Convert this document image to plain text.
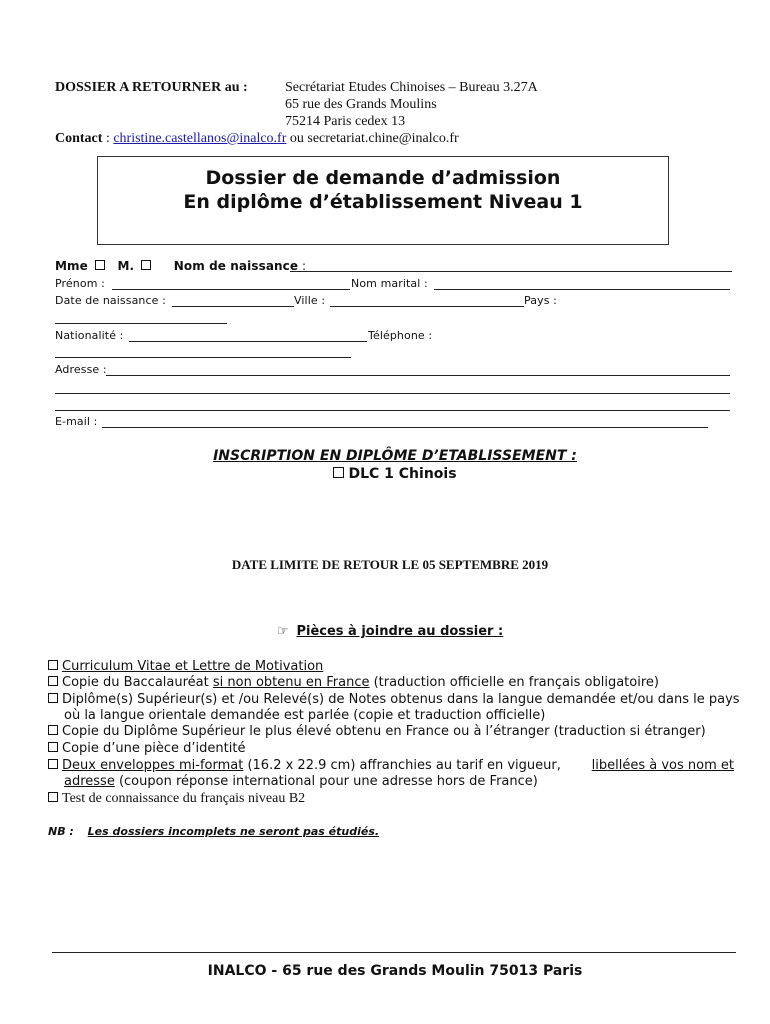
DOSSIER A RETOURNER au :	Secrétariat Etudes Chinoises – Bureau 3.27A
65 rue des Grands Moulins
75214 Paris cedex 13
Contact : christine.castellanos@inalco.fr ou secretariat.chine@inalco.fr
Dossier de demande d’admission
En diplôme d’établissement Niveau 1
Mme M.	Nom de naissance :
Prénom :	Nom marital :
Date de naissance :	Ville :	Pays :
Nationalité :	Téléphone :
Adresse :
E-mail :
INSCRIPTION EN DIPLÔME D’ETABLISSEMENT :
DLC 1 Chinois
DATE LIMITE DE RETOUR LE 05 SEPTEMBRE 2019
☞ Pièces à joindre au dossier :
Curriculum Vitae et Lettre de Motivation
Copie du Baccalauréat si non obtenu en France (traduction officielle en français obligatoire)
Diplôme(s) Supérieur(s) et /ou Relevé(s) de Notes obtenus dans la langue demandée et/ou dans le pays
où la langue orientale demandée est parlée (copie et traduction officielle)
Copie du Diplôme Supérieur le plus élevé obtenu en France ou à l’étranger (traduction si étranger)
Copie d’une pièce d’identité
Deux enveloppes mi-format (16.2 x 22.9 cm) affranchies au tarif en vigueur, libellées à vos nom et
adresse (coupon réponse international pour une adresse hors de France)
Test de connaissance du français niveau B2
NB : Les dossiers incomplets ne seront pas étudiés.
INALCO - 65 rue des Grands Moulin 75013 Paris
